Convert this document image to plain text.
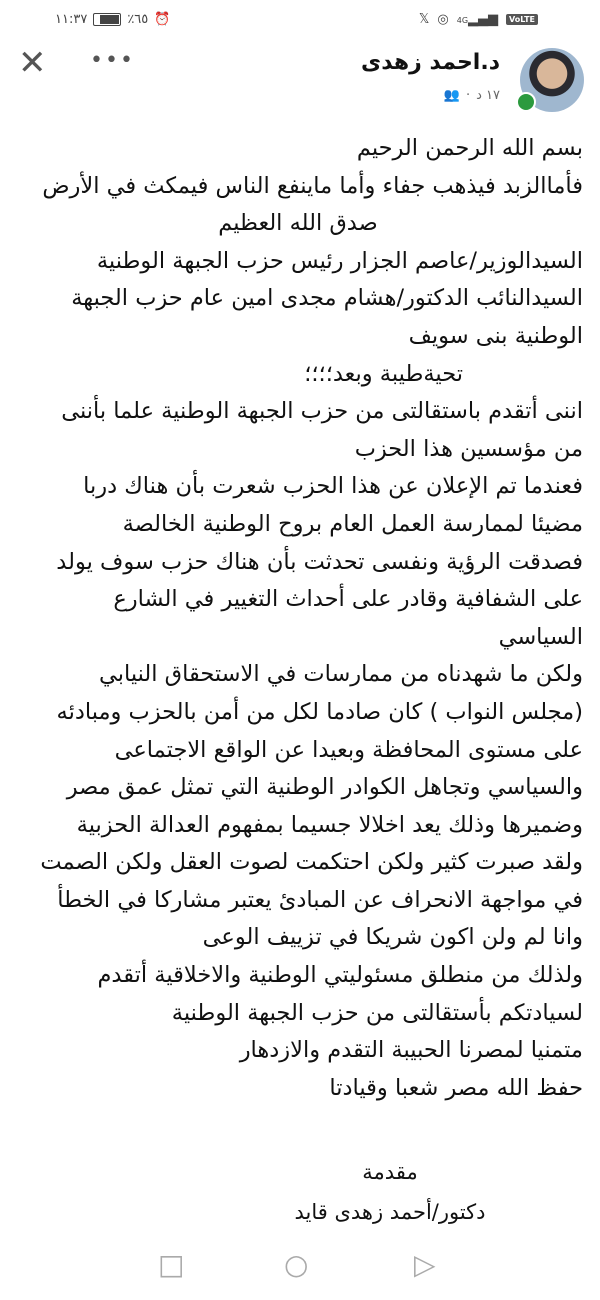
١١:٣٧	٪٦٥ ⏰	𝕏 ◎ 4G▂▄▆	VoLTE
✕ •••	د.احمد زهدى
١٧ د
·
👥
بسم الله الرحمن الرحيم
فأماالزبد فيذهب جفاء وأما ماينفع الناس فيمكث في الأرض
صدق الله العظيم
السيدالوزير/عاصم الجزار رئيس حزب الجبهة الوطنية
السيدالنائب الدكتور/هشام مجدى امين عام حزب الجبهة
الوطنية بنى سويف
تحيةطيبة وبعد؛؛؛؛
اننى أتقدم باستقالتى من حزب الجبهة الوطنية علما بأننى
من مؤسسين هذا الحزب
فعندما تم الإعلان عن هذا الحزب شعرت بأن هناك دربا
مضيئا لممارسة العمل العام بروح الوطنية الخالصة
فصدقت الرؤية ونفسى تحدثت بأن هناك حزب سوف يولد
على الشفافية وقادر على أحداث التغيير في الشارع
السياسي
ولكن ما شهدناه من ممارسات في الاستحقاق النيابي
(مجلس النواب ) كان صادما لكل من أمن بالحزب ومبادئه
على مستوى المحافظة وبعيدا عن الواقع الاجتماعى
والسياسي وتجاهل الكوادر الوطنية التي تمثل عمق مصر
وضميرها وذلك يعد اخلالا جسيما بمفهوم العدالة الحزبية
ولقد صبرت كثير ولكن احتكمت لصوت العقل ولكن الصمت
في مواجهة الانحراف عن المبادئ يعتبر مشاركا في الخطأ
وانا لم ولن اكون شريكا في تزييف الوعى
ولذلك من منطلق مسئوليتي الوطنية والاخلاقية أتقدم
لسيادتكم بأستقالتى من حزب الجبهة الوطنية
متمنيا لمصرنا الحبيبة التقدم والازدهار
حفظ الله مصر شعبا وقيادتا
مقدمة
دكتور/أحمد زهدى قايد
□	○	▷
